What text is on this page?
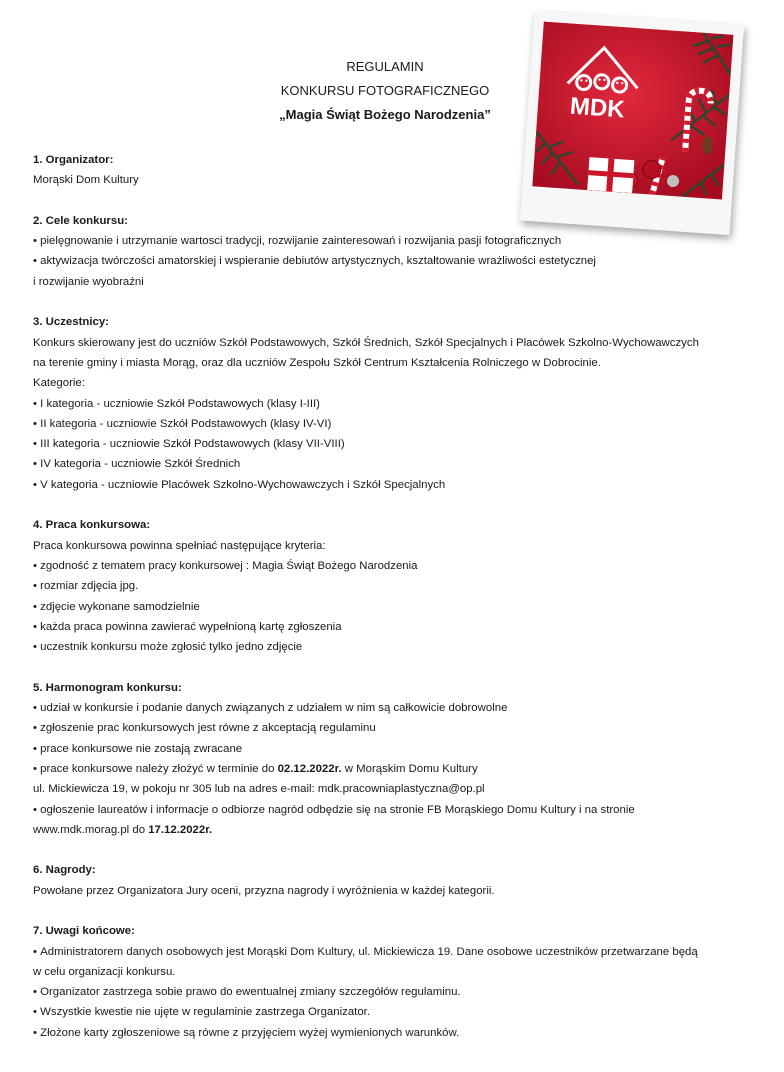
REGULAMIN
KONKURSU FOTOGRAFICZNEGO
„Magia Świąt Bożego Narodzenia”	MDK
1. Organizator:

Morąski Dom Kultury

2. Cele konkursu:

• pielęgnowanie i utrzymanie wartosci tradycji, rozwijanie zainteresowań i rozwijania pasji fotograficznych

• aktywizacja twórczości amatorskiej i wspieranie debiutów artystycznych, kształtowanie wrażliwości estetycznej

i rozwijanie wyobraźni

3. Uczestnicy:

Konkurs skierowany jest do uczniów Szkół Podstawowych, Szkół Średnich, Szkół Specjalnych i Placówek Szkolno-Wychowawczych

na terenie gminy i miasta Morąg, oraz dla uczniów Zespołu Szkół Centrum Kształcenia Rolniczego w Dobrocinie.

Kategorie:

• I kategoria - uczniowie Szkół Podstawowych (klasy I-III)

• II kategoria - uczniowie Szkół Podstawowych (klasy IV-VI)

• III kategoria - uczniowie Szkół Podstawowych (klasy VII-VIII)

• IV kategoria - uczniowie Szkół Średnich

• V kategoria - uczniowie Placówek Szkolno-Wychowawczych i Szkół Specjalnych

4. Praca konkursowa:

Praca konkursowa powinna spełniać następujące kryteria:

• zgodność z tematem pracy konkursowej : Magia Świąt Bożego Narodzenia

• rozmiar zdjęcia jpg.

• zdjęcie wykonane samodzielnie

• każda praca powinna zawierać wypełnioną kartę zgłoszenia

• uczestnik konkursu może zgłosić tylko jedno zdjęcie

5. Harmonogram konkursu:

• udział w konkursie i podanie danych związanych z udziałem w nim są całkowicie dobrowolne

• zgłoszenie prac konkursowych jest równe z akceptacją regulaminu

• prace konkursowe nie zostają zwracane

• prace konkursowe należy złożyć w terminie do 02.12.2022r. w Morąskim Domu Kultury

ul. Mickiewicza 19, w pokoju nr 305 lub na adres e-mail: mdk.pracowniaplastyczna@op.pl

• ogłoszenie laureatów i informacje o odbiorze nagród odbędzie się na stronie FB Morąskiego Domu Kultury i na stronie

www.mdk.morag.pl do 17.12.2022r.

6. Nagrody:

Powołane przez Organizatora Jury oceni, przyzna nagrody i wyróżnienia w każdej kategorii.

7. Uwagi końcowe:

• Administratorem danych osobowych jest Morąski Dom Kultury, ul. Mickiewicza 19. Dane osobowe uczestników przetwarzane będą

w celu organizacji konkursu.

• Organizator zastrzega sobie prawo do ewentualnej zmiany szczegółów regulaminu.

• Wszystkie kwestie nie ujęte w regulaminie zastrzega Organizator.

• Złożone karty zgłoszeniowe są równe z przyjęciem wyżej wymienionych warunków.
